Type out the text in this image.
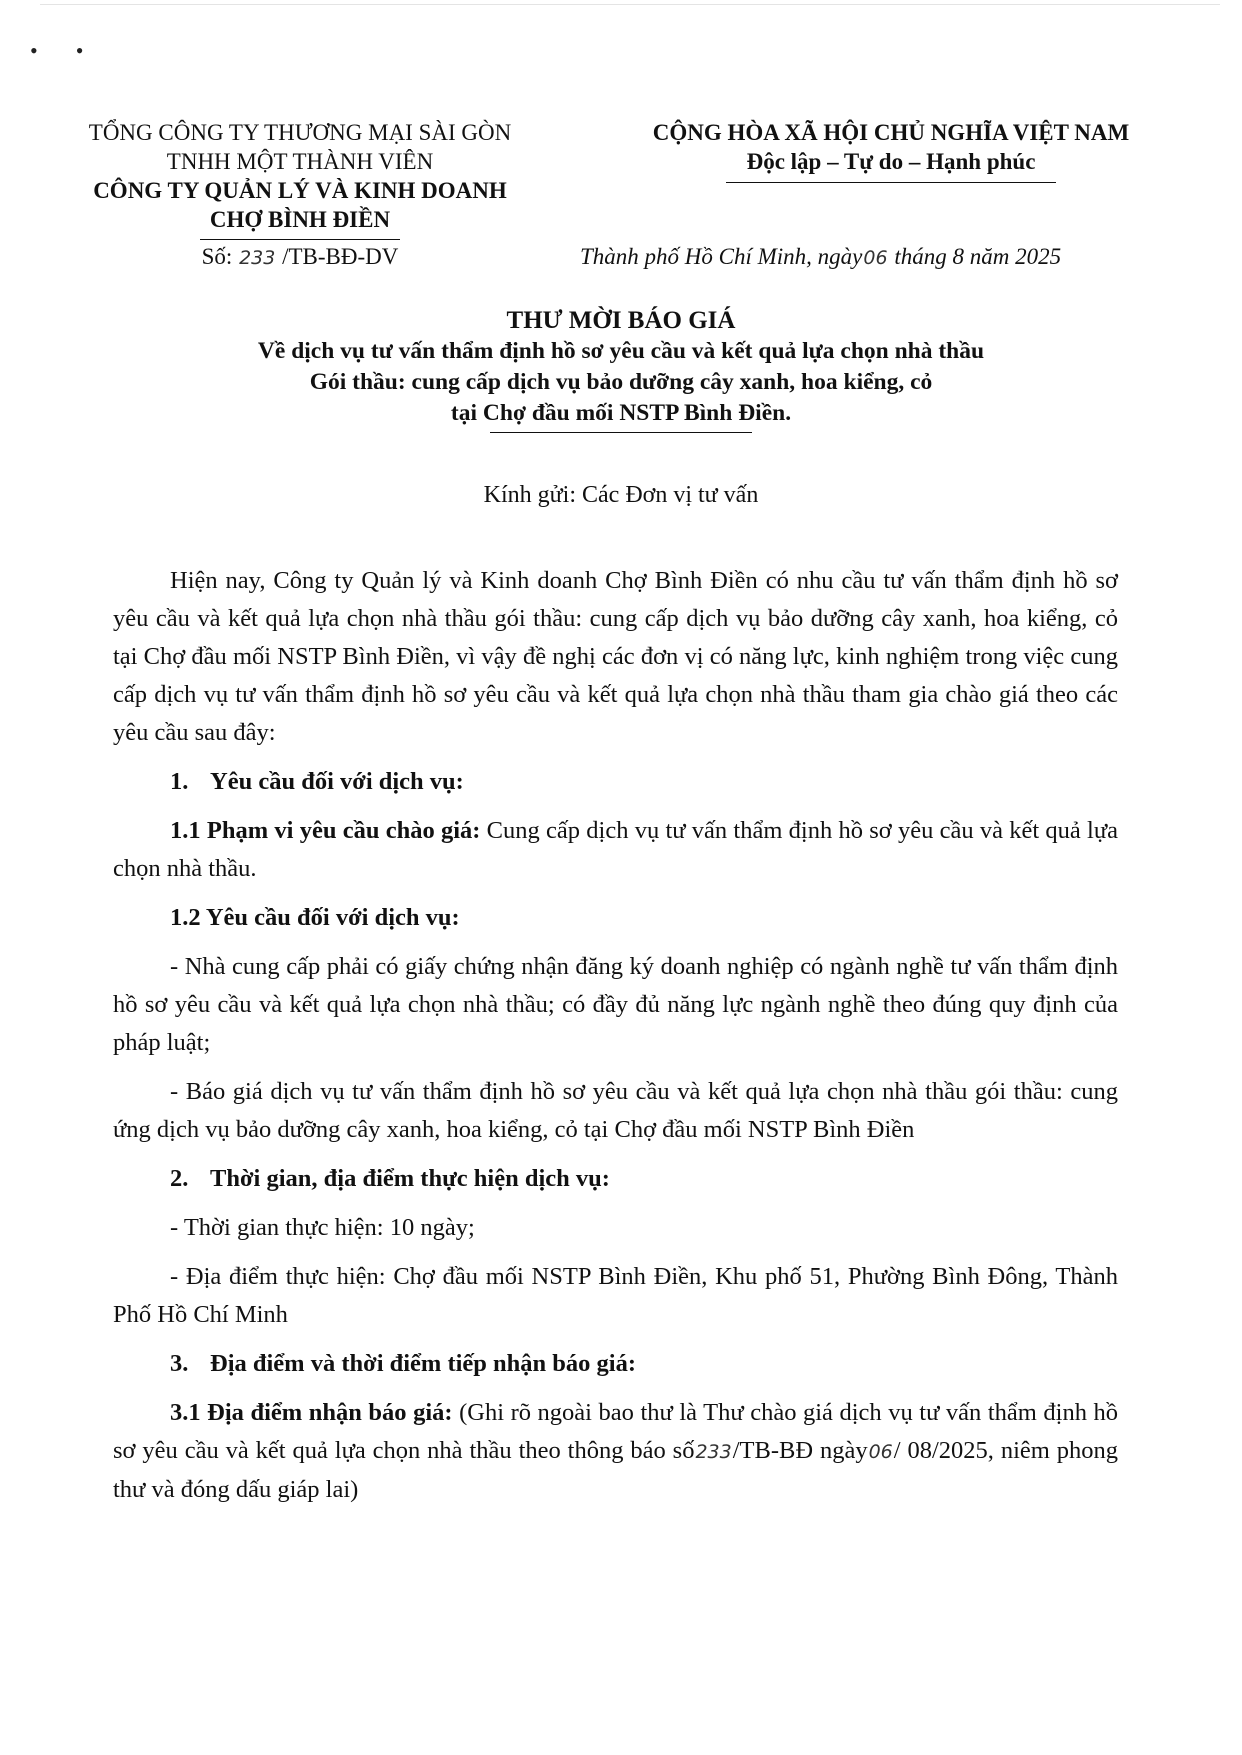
••
TỔNG CÔNG TY THƯƠNG MẠI SÀI GÒN
TNHH MỘT THÀNH VIÊN
CÔNG TY QUẢN LÝ VÀ KINH DOANH
CHỢ BÌNH ĐIỀN
CỘNG HÒA XÃ HỘI CHỦ NGHĨA VIỆT NAM
Độc lập – Tự do – Hạnh phúc
Số: 233 /TB-BĐ-DV	Thành phố Hồ Chí Minh, ngày06 tháng 8 năm 2025
THƯ MỜI BÁO GIÁ
Về dịch vụ tư vấn thẩm định hồ sơ yêu cầu và kết quả lựa chọn nhà thầu
Gói thầu: cung cấp dịch vụ bảo dưỡng cây xanh, hoa kiểng, cỏ
tại Chợ đầu mối NSTP Bình Điền.
Kính gửi: Các Đơn vị tư vấn

Hiện nay, Công ty Quản lý và Kinh doanh Chợ Bình Điền có nhu cầu tư vấn thẩm định hồ sơ yêu cầu và kết quả lựa chọn nhà thầu gói thầu: cung cấp dịch vụ bảo dưỡng cây xanh, hoa kiểng, cỏ tại Chợ đầu mối NSTP Bình Điền, vì vậy đề nghị các đơn vị có năng lực, kinh nghiệm trong việc cung cấp dịch vụ tư vấn thẩm định hồ sơ yêu cầu và kết quả lựa chọn nhà thầu tham gia chào giá theo các yêu cầu sau đây:

1. Yêu cầu đối với dịch vụ:

1.1 Phạm vi yêu cầu chào giá: Cung cấp dịch vụ tư vấn thẩm định hồ sơ yêu cầu và kết quả lựa chọn nhà thầu.

1.2 Yêu cầu đối với dịch vụ:

- Nhà cung cấp phải có giấy chứng nhận đăng ký doanh nghiệp có ngành nghề tư vấn thẩm định hồ sơ yêu cầu và kết quả lựa chọn nhà thầu; có đầy đủ năng lực ngành nghề theo đúng quy định của pháp luật;

- Báo giá dịch vụ tư vấn thẩm định hồ sơ yêu cầu và kết quả lựa chọn nhà thầu gói thầu: cung ứng dịch vụ bảo dưỡng cây xanh, hoa kiểng, cỏ tại Chợ đầu mối NSTP Bình Điền

2. Thời gian, địa điểm thực hiện dịch vụ:

- Thời gian thực hiện: 10 ngày;

- Địa điểm thực hiện: Chợ đầu mối NSTP Bình Điền, Khu phố 51, Phường Bình Đông, Thành Phố Hồ Chí Minh

3. Địa điểm và thời điểm tiếp nhận báo giá:

3.1 Địa điểm nhận báo giá: (Ghi rõ ngoài bao thư là Thư chào giá dịch vụ tư vấn thẩm định hồ sơ yêu cầu và kết quả lựa chọn nhà thầu theo thông báo số233/TB-BĐ ngày06/ 08/2025, niêm phong thư và đóng dấu giáp lai)
